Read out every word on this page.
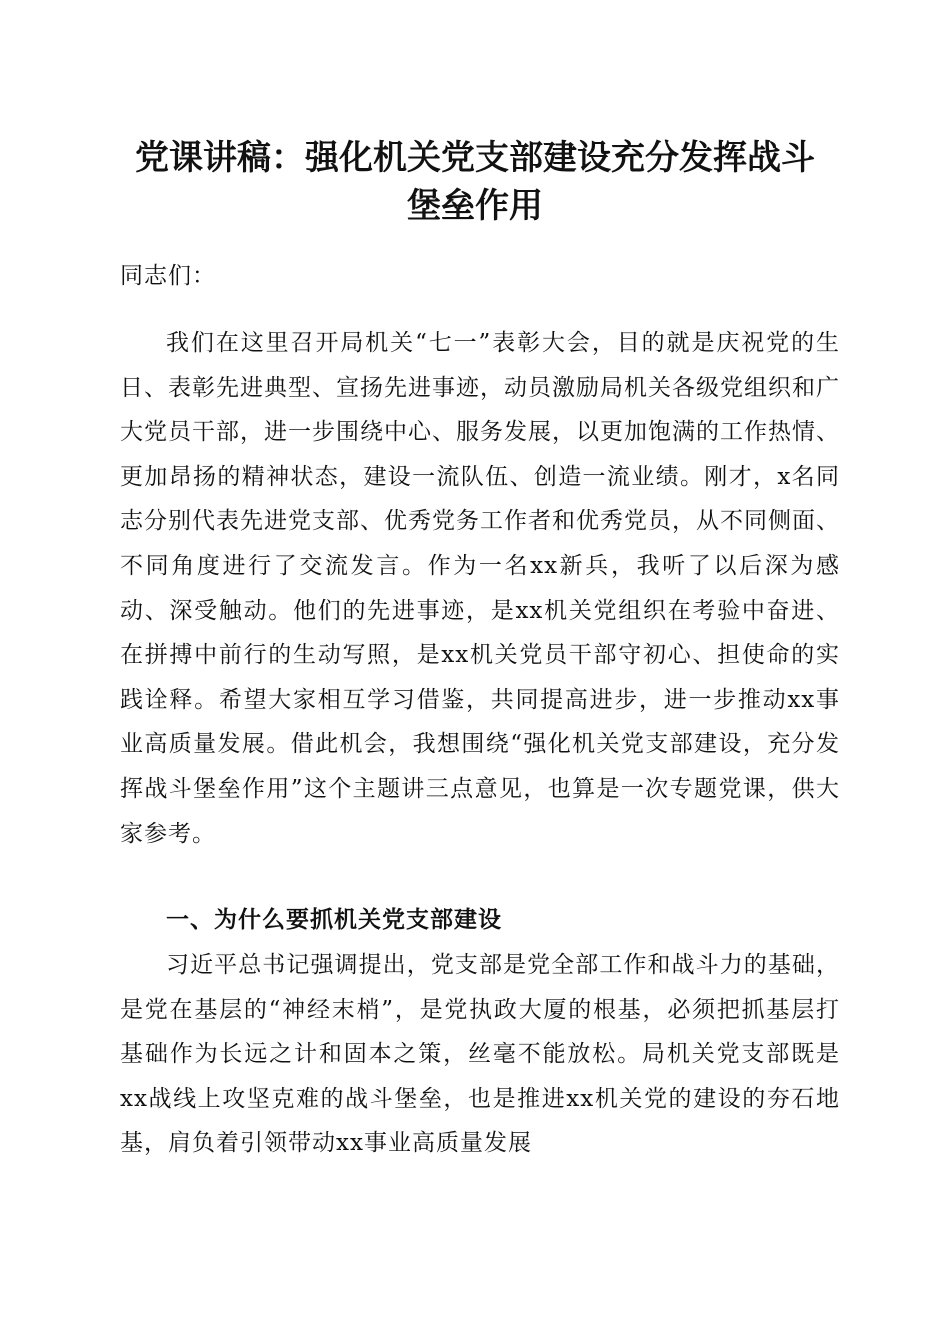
党课讲稿：强化机关党支部建设充分发挥战斗
堡垒作用

同志们：

我们在这里召开局机关“七一”表彰大会，目的就是庆祝党的生日、表彰先进典型、宣扬先进事迹，动员激励局机关各级党组织和广大党员干部，进一步围绕中心、服务发展，以更加饱满的工作热情、更加昂扬的精神状态，建设一流队伍、创造一流业绩。刚才，x名同志分别代表先进党支部、优秀党务工作者和优秀党员，从不同侧面、不同角度进行了交流发言。作为一名xx新兵，我听了以后深为感动、深受触动。他们的先进事迹，是xx机关党组织在考验中奋进、在拼搏中前行的生动写照，是xx机关党员干部守初心、担使命的实践诠释。希望大家相互学习借鉴，共同提高进步，进一步推动xx事业高质量发展。借此机会，我想围绕“强化机关党支部建设，充分发挥战斗堡垒作用”这个主题讲三点意见，也算是一次专题党课，供大家参考。

一、为什么要抓机关党支部建设

习近平总书记强调提出，党支部是党全部工作和战斗力的基础，是党在基层的“神经末梢”，是党执政大厦的根基，必须把抓基层打基础作为长远之计和固本之策，丝毫不能放松。局机关党支部既是xx战线上攻坚克难的战斗堡垒，也是推进xx机关党的建设的夯石地基，肩负着引领带动xx事业高质量发展
